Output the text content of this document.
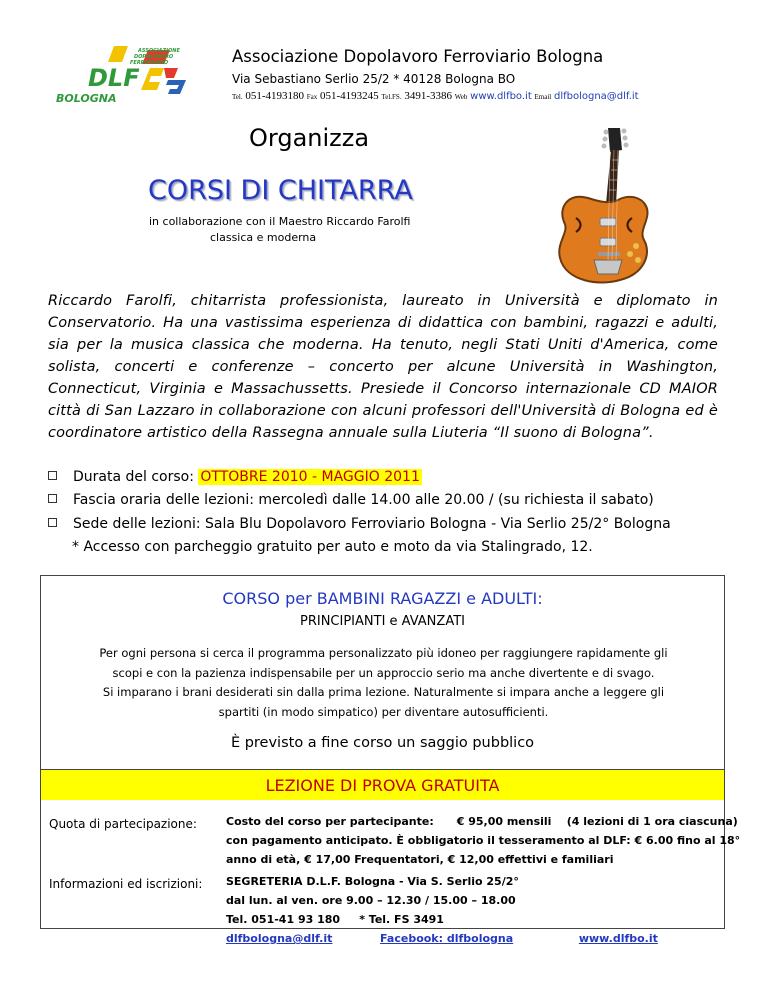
ASSOCIAZIONE
DOPOLAVORO
FERROVIARIO
DLF
BOLOGNA
Associazione Dopolavoro Ferroviario Bologna
Via Sebastiano Serlio 25/2 * 40128 Bologna BO
Tel. 051-4193180 Fax 051-4193245 Tel.FS. 3491-3386 Web www.dlfbo.it Email dlfbologna@dlf.it
Organizza
CORSI DI CHITARRA
in collaborazione con il Maestro Riccardo Farolfi
classica e moderna
Riccardo Farolfi, chitarrista professionista, laureato in Università e diplomato in Conservatorio. Ha una vastissima esperienza di didattica con bambini, ragazzi e adulti, sia per la musica classica che moderna. Ha tenuto, negli Stati Uniti d'America, come solista, concerti e conferenze – concerto per alcune Università in Washington, Connecticut, Virginia e Massachussetts. Presiede il Concorso internazionale CD MAIOR città di San Lazzaro in collaborazione con alcuni professori dell'Università di Bologna ed è coordinatore artistico della Rassegna annuale sulla Liuteria “Il suono di Bologna”.
Durata del corso: OTTOBRE 2010 - MAGGIO 2011
Fascia oraria delle lezioni: mercoledì dalle 14.00 alle 20.00 / (su richiesta il sabato)
Sede delle lezioni: Sala Blu Dopolavoro Ferroviario Bologna - Via Serlio 25/2° Bologna
* Accesso con parcheggio gratuito per auto e moto da via Stalingrado, 12.
CORSO per BAMBINI RAGAZZI e ADULTI:
PRINCIPIANTI e AVANZATI
Per ogni persona si cerca il programma personalizzato più idoneo per raggiungere rapidamente gli
scopi e con la pazienza indispensabile per un approccio serio ma anche divertente e di svago.
Si imparano i brani desiderati sin dalla prima lezione. Naturalmente si impara anche a leggere gli
spartiti (in modo simpatico) per diventare autosufficienti.
È previsto a fine corso un saggio pubblico
LEZIONE DI PROVA GRATUITA
Quota di partecipazione:	Costo del corso per partecipante:      € 95,00 mensili    (4 lezioni di 1 ora ciascuna)
con pagamento anticipato. È obbligatorio il tesseramento al DLF: € 6.00 fino al 18°
anno di età, € 17,00 Frequentatori, € 12,00 effettivi e familiari
Informazioni ed iscrizioni: SEGRETERIA D.L.F. Bologna - Via S. Serlio 25/2°
dal lun. al ven. ore 9.00 – 12.30 / 15.00 – 18.00
Tel. 051-41 93 180     * Tel. FS 3491
dlfbologna@dlf.it	Facebook: dlfbologna	www.dlfbo.it
